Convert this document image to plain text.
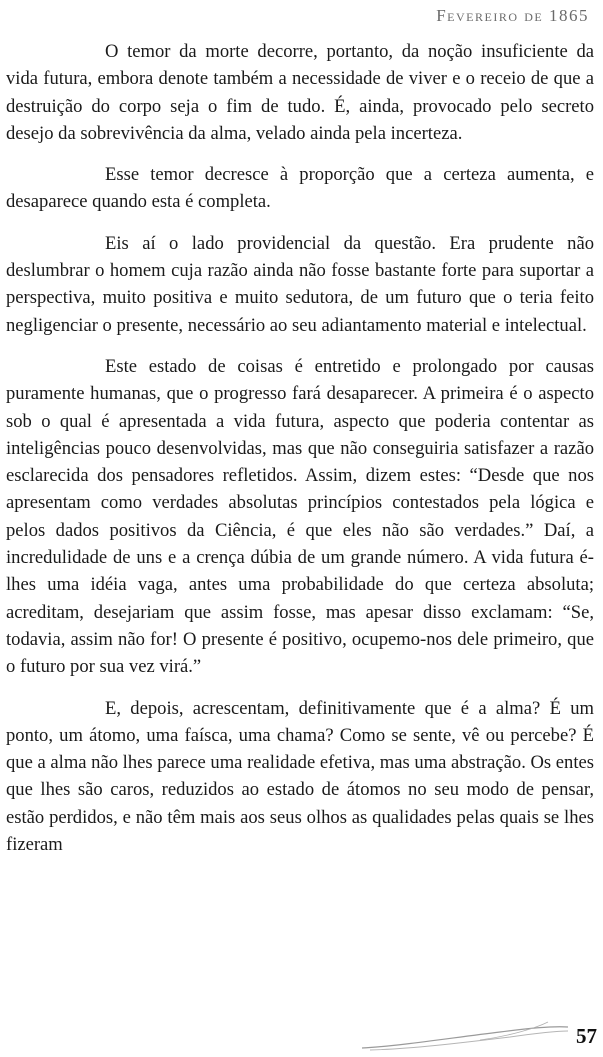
Fevereiro de 1865

O temor da morte decorre, portanto, da noção insuficiente da vida futura, embora denote também a necessidade de viver e o receio de que a destruição do corpo seja o fim de tudo. É, ainda, provocado pelo secreto desejo da sobrevivência da alma, velado ainda pela incerteza.

Esse temor decresce à proporção que a certeza aumenta, e desaparece quando esta é completa.

Eis aí o lado providencial da questão. Era prudente não deslumbrar o homem cuja razão ainda não fosse bastante forte para suportar a perspectiva, muito positiva e muito sedutora, de um futuro que o teria feito negligenciar o presente, necessário ao seu adiantamento material e intelectual.

Este estado de coisas é entretido e prolongado por causas puramente humanas, que o progresso fará desaparecer. A primeira é o aspecto sob o qual é apresentada a vida futura, aspecto que poderia contentar as inteligências pouco desenvolvidas, mas que não conseguiria satisfazer a razão esclarecida dos pensadores refletidos. Assim, dizem estes: “Desde que nos apresentam como verdades absolutas princípios contestados pela lógica e pelos dados positivos da Ciência, é que eles não são verdades.” Daí, a incredulidade de uns e a crença dúbia de um grande número. A vida futura é-lhes uma idéia vaga, antes uma probabilidade do que certeza absoluta; acreditam, desejariam que assim fosse, mas apesar disso exclamam: “Se, todavia, assim não for! O presente é positivo, ocupemo-nos dele primeiro, que o futuro por sua vez virá.”

E, depois, acrescentam, definitivamente que é a alma? É um ponto, um átomo, uma faísca, uma chama? Como se sente, vê ou percebe? É que a alma não lhes parece uma realidade efetiva, mas uma abstração. Os entes que lhes são caros, reduzidos ao estado de átomos no seu modo de pensar, estão perdidos, e não têm mais aos seus olhos as qualidades pelas quais se lhes fizeram

57
